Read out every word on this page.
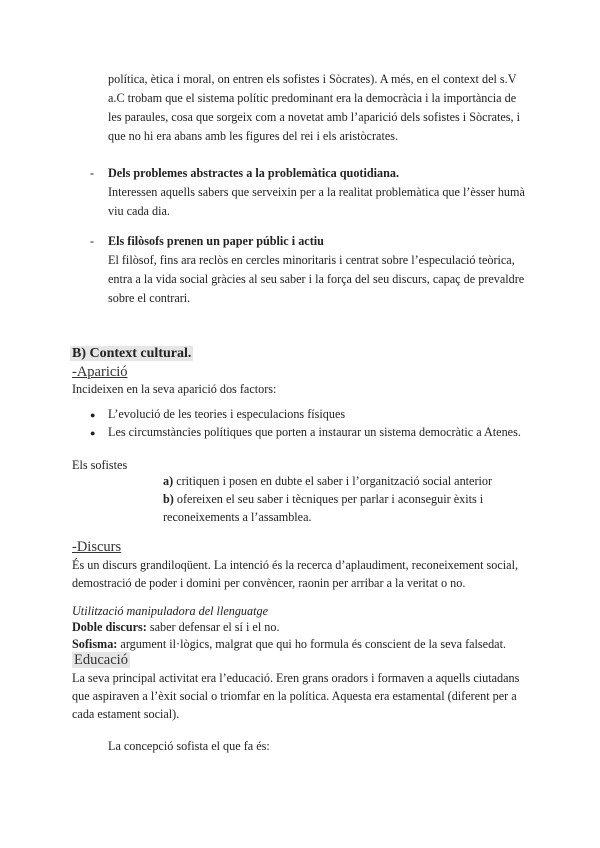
política, ètica i moral, on entren els sofistes i Sòcrates). A més, en el context del s.V
a.C trobam que el sistema polític predominant era la democràcia i la importància de
les paraules, cosa que sorgeix com a novetat amb l’aparició dels sofistes i Sòcrates, i
que no hi era abans amb les figures del rei i els aristòcrates.
- Dels problemes abstractes a la problemàtica quotidiana.
Interessen aquells sabers que serveixin per a la realitat problemàtica que l’èsser humà
viu cada dia.
- Els filòsofs prenen un paper públic i actiu
El filòsof, fins ara reclòs en cercles minoritaris i centrat sobre l’especulació teòrica,
entra a la vida social gràcies al seu saber i la força del seu discurs, capaç de prevaldre
sobre el contrari.
B) Context cultural.
-Aparició
Incideixen en la seva aparició dos factors:
● L’evolució de les teories i especulacions físiques
● Les circumstàncies polítiques que porten a instaurar un sistema democràtic a Atenes.
Els sofistes
a) critiquen i posen en dubte el saber i l’organització social anterior
b) ofereixen el seu saber i tècniques per parlar i aconseguir èxits i
reconeixements a l’assamblea.
-Discurs
És un discurs grandiloqüent. La intenció és la recerca d’aplaudiment, reconeixement social,
demostració de poder i domini per convèncer, raonin per arribar a la veritat o no.
Utilització manipuladora del llenguatge
Doble discurs: saber defensar el sí i el no.
Sofisma: argument il·lògics, malgrat que qui ho formula és conscient de la seva falsedat.
Educació
La seva principal activitat era l’educació. Eren grans oradors i formaven a aquells ciutadans
que aspiraven a l’èxit social o triomfar en la política. Aquesta era estamental (diferent per a
cada estament social).
La concepció sofista el que fa és:
